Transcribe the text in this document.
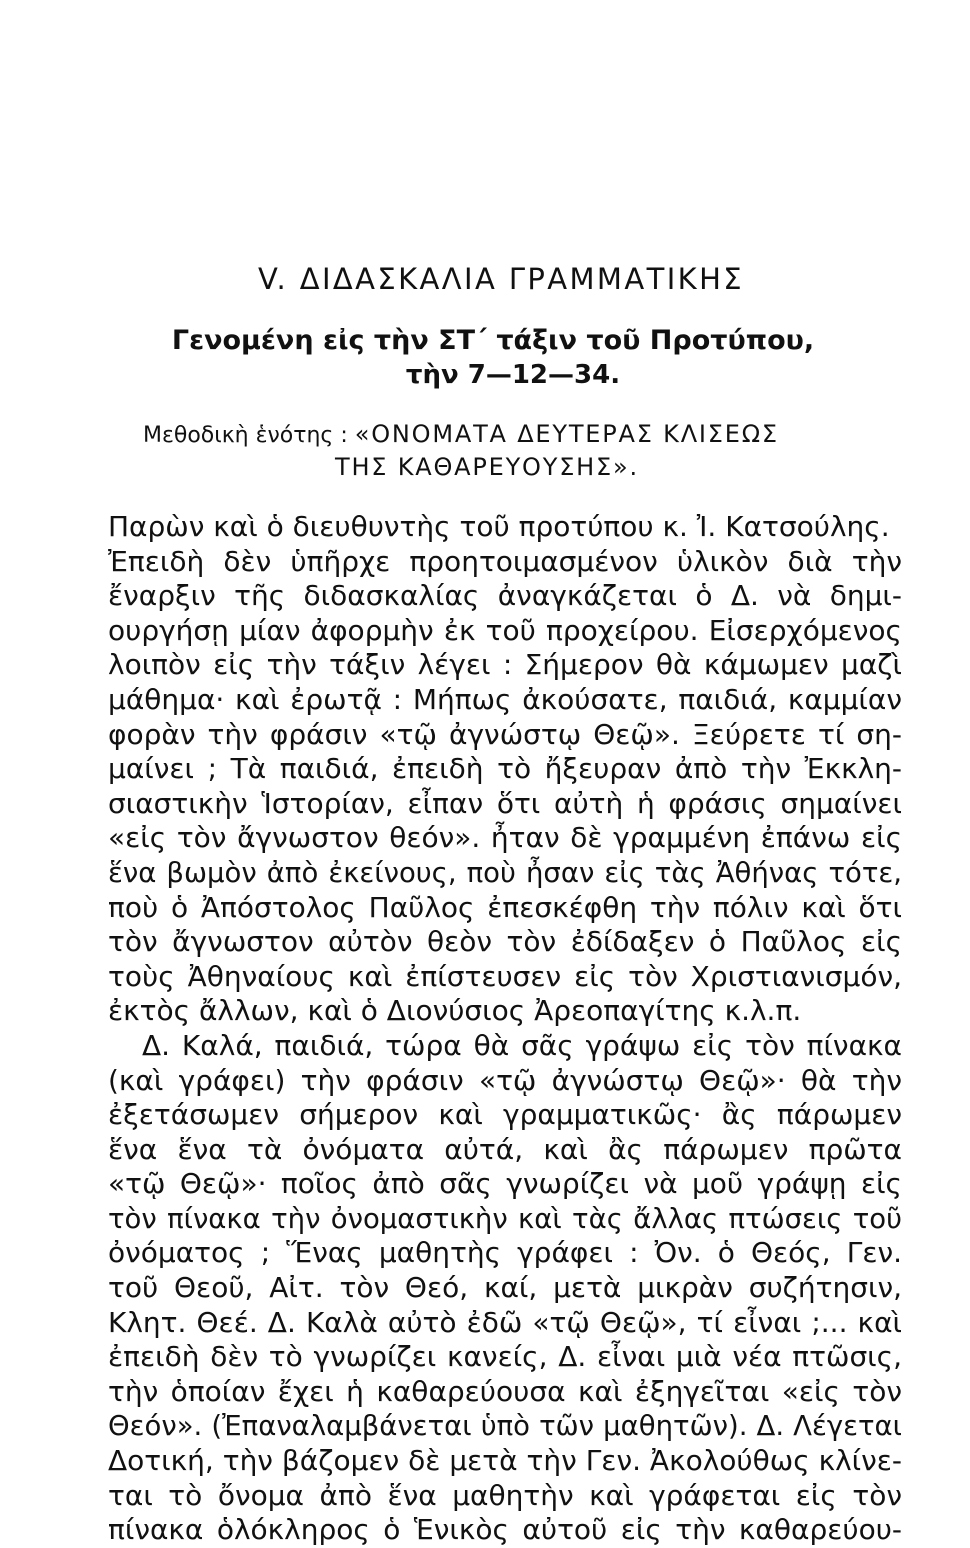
V. ΔΙΔΑΣΚΑΛΙΑ ΓΡΑΜΜΑΤΙΚΗΣ
Γενομένη εἰς τὴν ΣΤ΄ τάξιν τοῦ Προτύπου,
τὴν 7—12—34.
Μεθοδικὴ ἑνότης : «ΟΝΟΜΑΤΑ ΔΕΥΤΕΡΑΣ ΚΛΙΣΕΩΣ
ΤΗΣ ΚΑΘΑΡΕΥΟΥΣΗΣ».
Παρὼν καὶ ὁ διευθυντὴς τοῦ προτύπου κ. Ἰ. Κατσούλης.
Ἐπειδὴ δὲν ὑπῆρχε προητοιμασμένον ὑλικὸν διὰ τὴν
ἔναρξιν τῆς διδασκαλίας ἀναγκάζεται ὁ Δ. νὰ δημι-
ουργήσῃ μίαν ἀφορμὴν ἐκ τοῦ προχείρου. Εἰσερχόμενος
λοιπὸν εἰς τὴν τάξιν λέγει : Σήμερον θὰ κάμωμεν μαζὶ
μάθημα· καὶ ἐρωτᾷ : Μήπως ἀκούσατε, παιδιά, καμμίαν
φορὰν τὴν φράσιν «τῷ ἀγνώστῳ Θεῷ». Ξεύρετε τί ση-
μαίνει ; Τὰ παιδιά, ἐπειδὴ τὸ ἤξευραν ἀπὸ τὴν Ἐκκλη-
σιαστικὴν Ἱστορίαν, εἶπαν ὅτι αὐτὴ ἡ φράσις σημαίνει
«εἰς τὸν ἄγνωστον θεόν». ἦταν δὲ γραμμένη ἐπάνω εἰς
ἕνα βωμὸν ἀπὸ ἐκείνους, ποὺ ἦσαν εἰς τὰς Ἀθήνας τότε,
ποὺ ὁ Ἀπόστολος Παῦλος ἐπεσκέφθη τὴν πόλιν καὶ ὅτι
τὸν ἄγνωστον αὐτὸν θεὸν τὸν ἐδίδαξεν ὁ Παῦλος εἰς
τοὺς Ἀθηναίους καὶ ἐπίστευσεν εἰς τὸν Χριστιανισμόν,
ἐκτὸς ἄλλων, καὶ ὁ Διονύσιος Ἀρεοπαγίτης κ.λ.π.
Δ. Καλά, παιδιά, τώρα θὰ σᾶς γράψω εἰς τὸν πίνακα
(καὶ γράφει) τὴν φράσιν «τῷ ἀγνώστῳ Θεῷ»· θὰ τὴν
ἐξετάσωμεν σήμερον καὶ γραμματικῶς· ἂς πάρωμεν
ἕνα ἕνα τὰ ὀνόματα αὐτά, καὶ ἂς πάρωμεν πρῶτα
«τῷ Θεῷ»· ποῖος ἀπὸ σᾶς γνωρίζει νὰ μοῦ γράψῃ εἰς
τὸν πίνακα τὴν ὀνομαστικὴν καὶ τὰς ἄλλας πτώσεις τοῦ
ὀνόματος ; Ἕνας μαθητὴς γράφει : Ὀν. ὁ Θεός, Γεν.
τοῦ Θεοῦ, Αἰτ. τὸν Θεό, καί, μετὰ μικρὰν συζήτησιν,
Κλητ. Θεέ. Δ. Καλὰ αὐτὸ ἐδῶ «τῷ Θεῷ», τί εἶναι ;... καὶ
ἐπειδὴ δὲν τὸ γνωρίζει κανείς, Δ. εἶναι μιὰ νέα πτῶσις,
τὴν ὁποίαν ἔχει ἡ καθαρεύουσα καὶ ἐξηγεῖται «εἰς τὸν
Θεόν». (Ἐπαναλαμβάνεται ὑπὸ τῶν μαθητῶν). Δ. Λέγεται
Δοτική, τὴν βάζομεν δὲ μετὰ τὴν Γεν. Ἀκολούθως κλίνε-
ται τὸ ὄνομα ἀπὸ ἕνα μαθητὴν καὶ γράφεται εἰς τὸν
πίνακα ὁλόκληρος ὁ Ἑνικὸς αὐτοῦ εἰς τὴν καθαρεύου-
